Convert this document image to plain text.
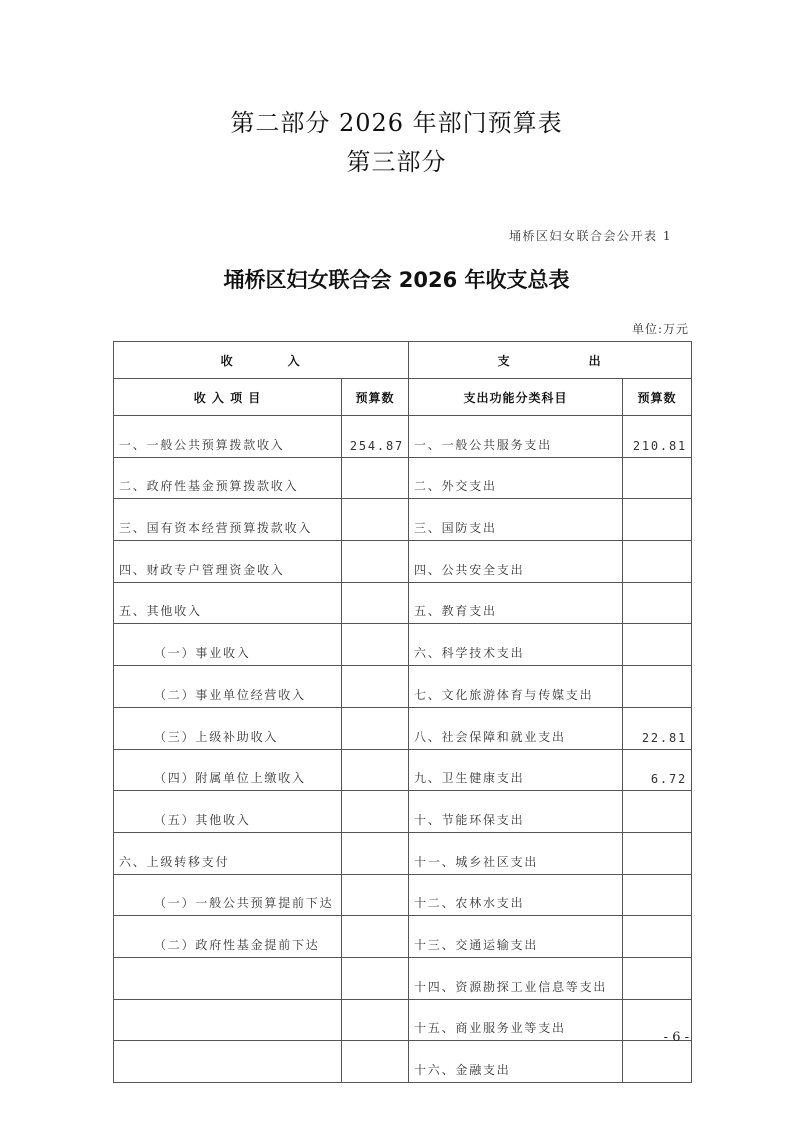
第二部分 2026 年部门预算表
第三部分
埇桥区妇女联合会公开表 1
埇桥区妇女联合会 2026 年收支总表
单位:万元
收 入		支 出	

收 入 项 目	预算数	支出功能分类科目	预算数
一、一般公共预算拨款收入	254.87	一、一般公共服务支出	210.81
二、政府性基金预算拨款收入		二、外交支出	
三、国有资本经营预算拨款收入		三、国防支出	
四、财政专户管理资金收入		四、公共安全支出	
五、其他收入		五、教育支出	
（一）事业收入		六、科学技术支出	
（二）事业单位经营收入		七、文化旅游体育与传媒支出	
（三）上级补助收入		八、社会保障和就业支出	22.81
（四）附属单位上缴收入		九、卫生健康支出	6.72
（五）其他收入		十、节能环保支出	
六、上级转移支付		十一、城乡社区支出	
（一）一般公共预算提前下达		十二、农林水支出	
（二）政府性基金提前下达		十三、交通运输支出	
		十四、资源勘探工业信息等支出	
		十五、商业服务业等支出	
		十六、金融支出	
- 6 -
